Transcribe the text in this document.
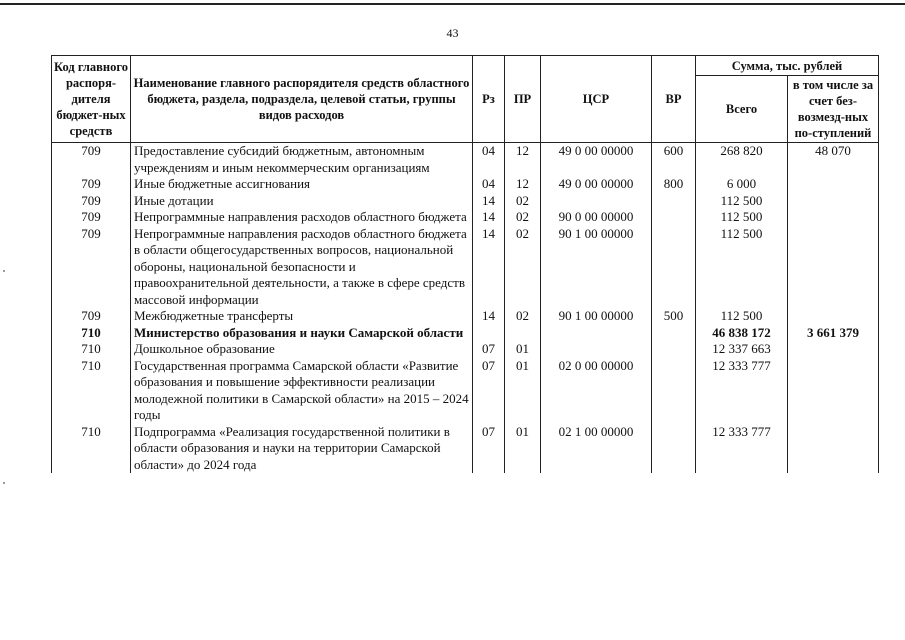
43
Код главного распоря-дителя бюджет-ных средств	Наименование главного распорядителя средств областного бюджета, раздела, подраздела, целевой статьи, группы видов расходов	Рз	ПР	ЦСР	ВР	Сумма, тыс. рублей	
						Всего	в том числе за счет без-возмезд-ных по-ступлений
709	Предоставление субсидий бюджетным, автономным учреждениям и иным некоммерческим организациям	04	12	49 0 00 00000	600	268 820	48 070
709	Иные бюджетные ассигнования	04	12	49 0 00 00000	800	6 000	
709	Иные дотации	14	02			112 500	
709	Непрограммные направления расходов областного бюджета	14	02	90 0 00 00000		112 500	
709	Непрограммные направления расходов областного бюджета в области общегосударственных вопросов, национальной обороны, национальной безопасности и правоохранительной деятельности, а также в сфере средств массовой информации	14	02	90 1 00 00000		112 500	
709	Межбюджетные трансферты	14	02	90 1 00 00000	500	112 500	
710	Министерство образования и науки Самарской области					46 838 172	3 661 379
710	Дошкольное образование	07	01			12 337 663	
710	Государственная программа Самарской области «Развитие образования и повышение эффективности реализации молодежной политики в Самарской области» на 2015 – 2024 годы	07	01	02 0 00 00000		12 333 777	
710	Подпрограмма «Реализация государственной политики в области образования и науки на территории Самарской области» до 2024 года	07	01	02 1 00 00000		12 333 777	
